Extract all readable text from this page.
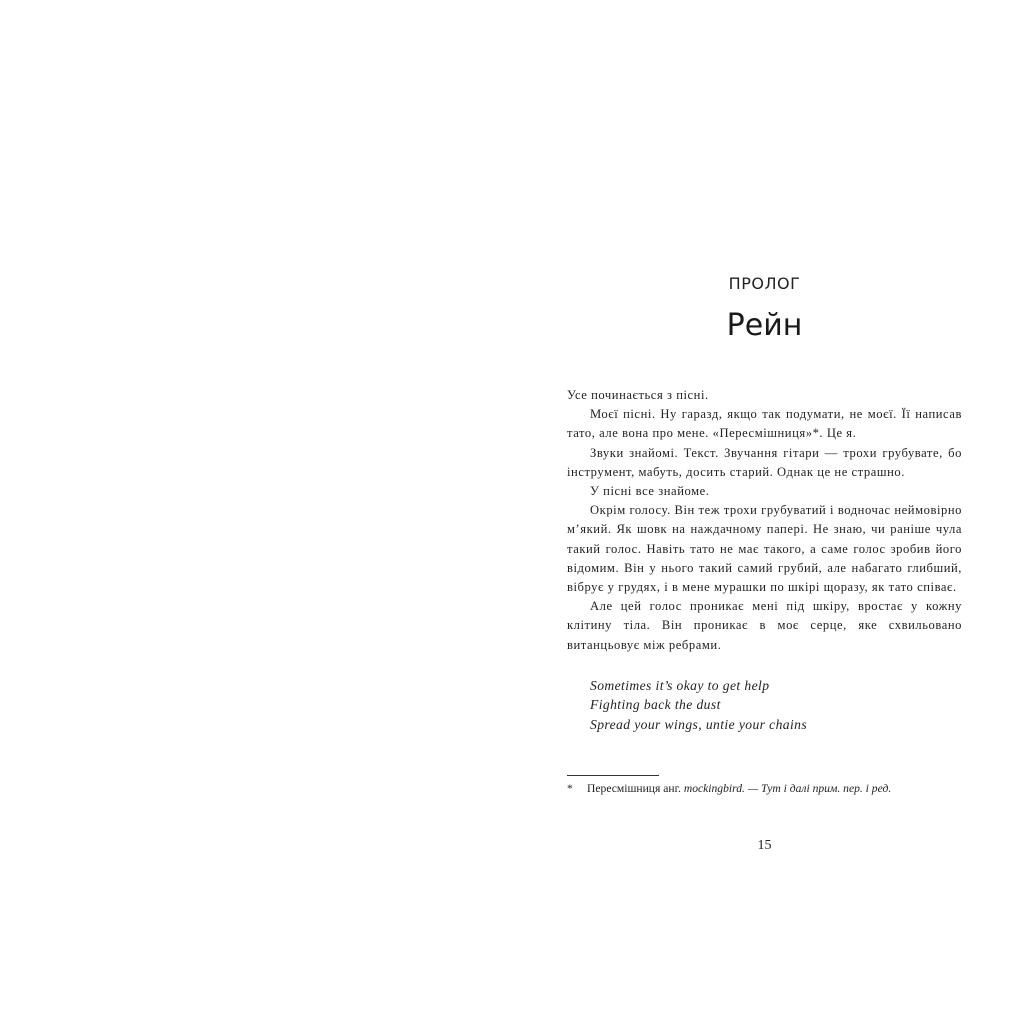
ПРОЛОГ
Рейн

Усе починається з пісні.

Моєї пісні. Ну гаразд, якщо так подумати, не моєї. Її написав тато, але вона про мене. «Пересмішниця»*. Це я.

Звуки знайомі. Текст. Звучання гітари — трохи грубувате, бо інструмент, мабуть, досить старий. Однак це не страшно.

У пісні все знайоме.

Окрім голосу. Він теж трохи грубуватий і водночас неймовірно м’який. Як шовк на наждачному папері. Не знаю, чи раніше чула такий голос. Навіть тато не має такого, а саме голос зробив його відомим. Він у нього такий самий грубий, але набагато глибший, вібрує у грудях, і в мене мурашки по шкірі щоразу, як тато співає.

Але цей голос проникає мені під шкіру, вростає у кожну клітину тіла. Він проникає в моє серце, яке схвильовано витанцьовує між ребрами.

Sometimes it’s okay to get help
Fighting back the dust
Spread your wings, untie your chains
* Пересмішниця анг. mockingbird. — Тут і далі прим. пер. і ред.
15
